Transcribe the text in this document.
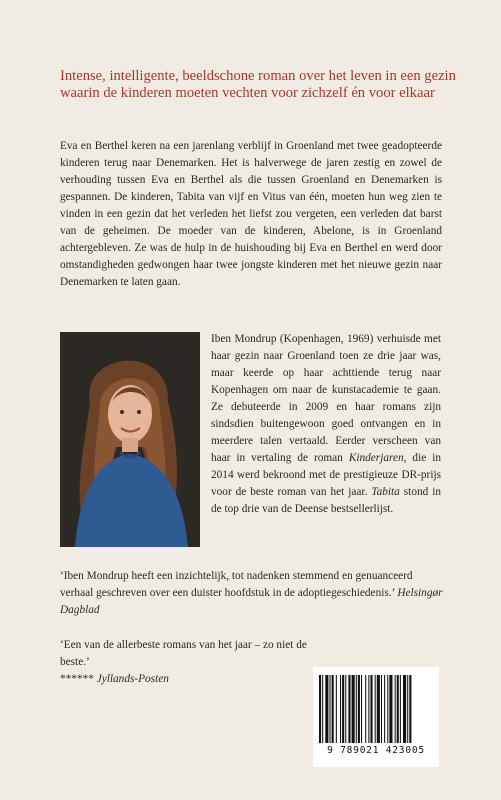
Intense, intelligente, beeldschone roman over het leven in een gezin waarin de kinderen moeten vechten voor zichzelf én voor elkaar

Eva en Berthel keren na een jarenlang verblijf in Groenland met twee geadopteerde kinderen terug naar Denemarken. Het is halverwege de jaren zestig en zowel de verhouding tussen Eva en Berthel als die tussen Groenland en Denemarken is gespannen. De kinderen, Tabita van vijf en Vitus van één, moeten hun weg zien te vinden in een gezin dat het verleden het liefst zou vergeten, een verleden dat barst van de geheimen. De moeder van de kinderen, Abelone, is in Groenland achtergebleven. Ze was de hulp in de huishouding bij Eva en Berthel en werd door omstandigheden gedwongen haar twee jongste kinderen met het nieuwe gezin naar Denemarken te laten gaan.

Iben Mondrup (Kopenhagen, 1969) verhuisde met haar gezin naar Groenland toen ze drie jaar was, maar keerde op haar achttiende terug naar Kopenhagen om naar de kunstacademie te gaan. Ze debuteerde in 2009 en haar romans zijn sindsdien buitengewoon goed ontvangen en in meerdere talen vertaald. Eerder verscheen van haar in vertaling de roman Kinderjaren, die in 2014 werd bekroond met de prestigieuze DR-prijs voor de beste roman van het jaar. Tabita stond in de top drie van de Deense bestsellerlijst.

‘Iben Mondrup heeft een inzichtelijk, tot nadenken stemmend en genuanceerd verhaal geschreven over een duister hoofdstuk in de adoptiegeschiedenis.’ Helsingør Dagblad

‘Een van de allerbeste romans van het jaar – zo niet de beste.’
****** Jyllands-Posten

9 789021 423005
